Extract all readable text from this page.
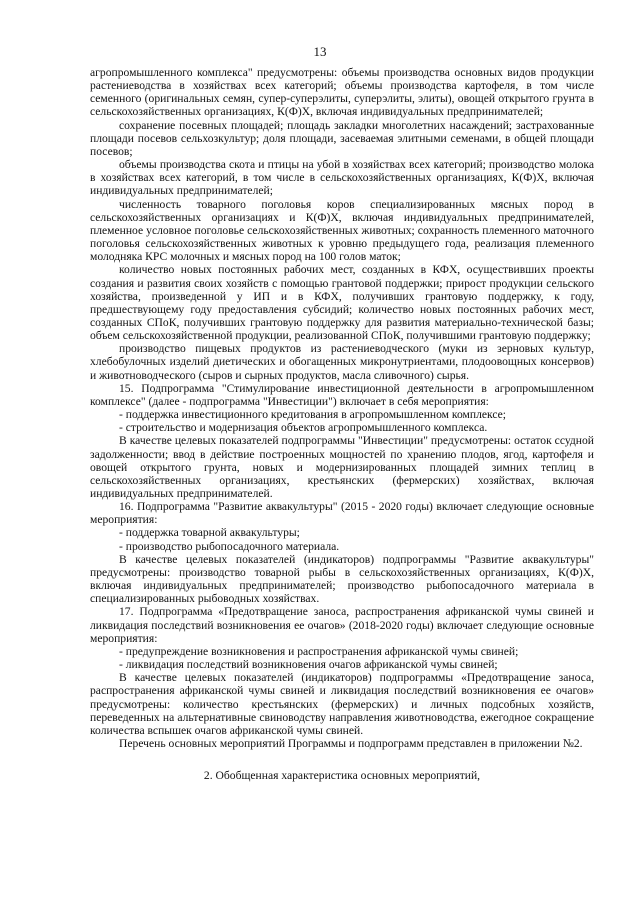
13

агропромышленного комплекса" предусмотрены: объемы производства основных видов продукции растениеводства в хозяйствах всех категорий; объемы производства картофеля, в том числе семенного (оригинальных семян, супер-суперэлиты, суперэлиты, элиты), овощей открытого грунта в сельскохозяйственных организациях, К(Ф)Х, включая индивидуальных предпринимателей;

сохранение посевных площадей; площадь закладки многолетних насаждений; застрахованные площади посевов сельхозкультур; доля площади, засеваемая элитными семенами, в общей площади посевов;

объемы производства скота и птицы на убой в хозяйствах всех категорий; производство молока в хозяйствах всех категорий, в том числе в сельскохозяйственных организациях, К(Ф)Х, включая индивидуальных предпринимателей;

численность товарного поголовья коров специализированных мясных пород в сельскохозяйственных организациях и К(Ф)Х, включая индивидуальных предпринимателей, племенное условное поголовье сельскохозяйственных животных; сохранность племенного маточного поголовья сельскохозяйственных животных к уровню предыдущего года, реализация племенного молодняка КРС молочных и мясных пород на 100 голов маток;

количество новых постоянных рабочих мест, созданных в КФХ, осуществивших проекты создания и развития своих хозяйств с помощью грантовой поддержки; прирост продукции сельского хозяйства, произведенной у ИП и в КФХ, получивших грантовую поддержку, к году, предшествующему году предоставления субсидий; количество новых постоянных рабочих мест, созданных СПоК, получивших грантовую поддержку для развития материально-технической базы; объем сельскохозяйственной продукции, реализованной СПоК, получившими грантовую поддержку;

производство пищевых продуктов из растениеводческого (муки из зерновых культур, хлебобулочных изделий диетических и обогащенных микронутриентами, плодоовощных консервов) и животноводческого (сыров и сырных продуктов, масла сливочного) сырья.

15. Подпрограмма "Стимулирование инвестиционной деятельности в агропромышленном комплексе" (далее - подпрограмма "Инвестиции") включает в себя мероприятия:

- поддержка инвестиционного кредитования в агропромышленном комплексе;

- строительство и модернизация объектов агропромышленного комплекса.

В качестве целевых показателей подпрограммы "Инвестиции" предусмотрены: остаток ссудной задолженности; ввод в действие построенных мощностей по хранению плодов, ягод, картофеля и овощей открытого грунта, новых и модернизированных площадей зимних теплиц в сельскохозяйственных организациях, крестьянских (фермерских) хозяйствах, включая индивидуальных предпринимателей.

16. Подпрограмма "Развитие аквакультуры" (2015 - 2020 годы) включает следующие основные мероприятия:

- поддержка товарной аквакультуры;

- производство рыбопосадочного материала.

В качестве целевых показателей (индикаторов) подпрограммы "Развитие аквакультуры" предусмотрены: производство товарной рыбы в сельскохозяйственных организациях, К(Ф)Х, включая индивидуальных предпринимателей; производство рыбопосадочного материала в специализированных рыбоводных хозяйствах.

17. Подпрограмма «Предотвращение заноса, распространения африканской чумы свиней и ликвидация последствий возникновения ее очагов» (2018-2020 годы) включает следующие основные мероприятия:

- предупреждение возникновения и распространения африканской чумы свиней;

- ликвидация последствий возникновения очагов африканской чумы свиней;

В качестве целевых показателей (индикаторов) подпрограммы «Предотвращение заноса, распространения африканской чумы свиней и ликвидация последствий возникновения ее очагов» предусмотрены: количество крестьянских (фермерских) и личных подсобных хозяйств, переведенных на альтернативные свиноводству направления животноводства, ежегодное сокращение количества вспышек очагов африканской чумы свиней.

Перечень основных мероприятий Программы и подпрограмм представлен в приложении №2.

2. Обобщенная характеристика основных мероприятий,
